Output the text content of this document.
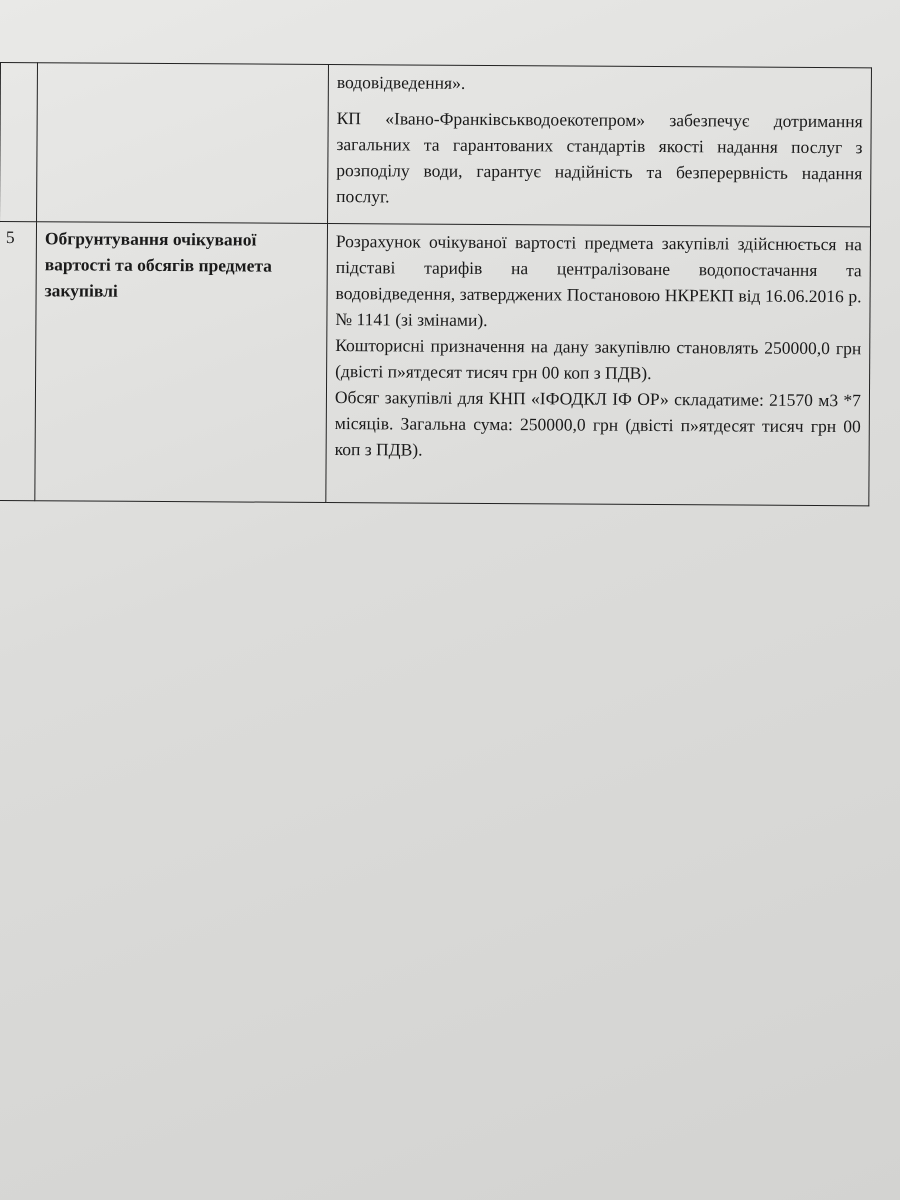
		водовідведення».

КП «Івано-Франківськводоекотепром» забезпечує дотримання загальних та гарантованих стандартів якості надання послуг з розподілу води, гарантує надійність та безперервність надання послуг.

5	Обгрунтування очікуваної вартості та обсягів предмета закупівлі	Розрахунок очікуваної вартості предмета закупівлі здійснюється на підставі тарифів на централізоване водопостачання та водовідведення, затверджених Постановою НКРЕКП від 16.06.2016 р. № 1141 (зі змінами).

Кошторисні призначення на дану закупівлю становлять 250000,0 грн (двісті п»ятдесят тисяч грн 00 коп з ПДВ).

Обсяг закупівлі для КНП «ІФОДКЛ ІФ ОР» складатиме: 21570 м3 *7 місяців. Загальна сума: 250000,0 грн (двісті п»ятдесят тисяч грн 00 коп з ПДВ).
